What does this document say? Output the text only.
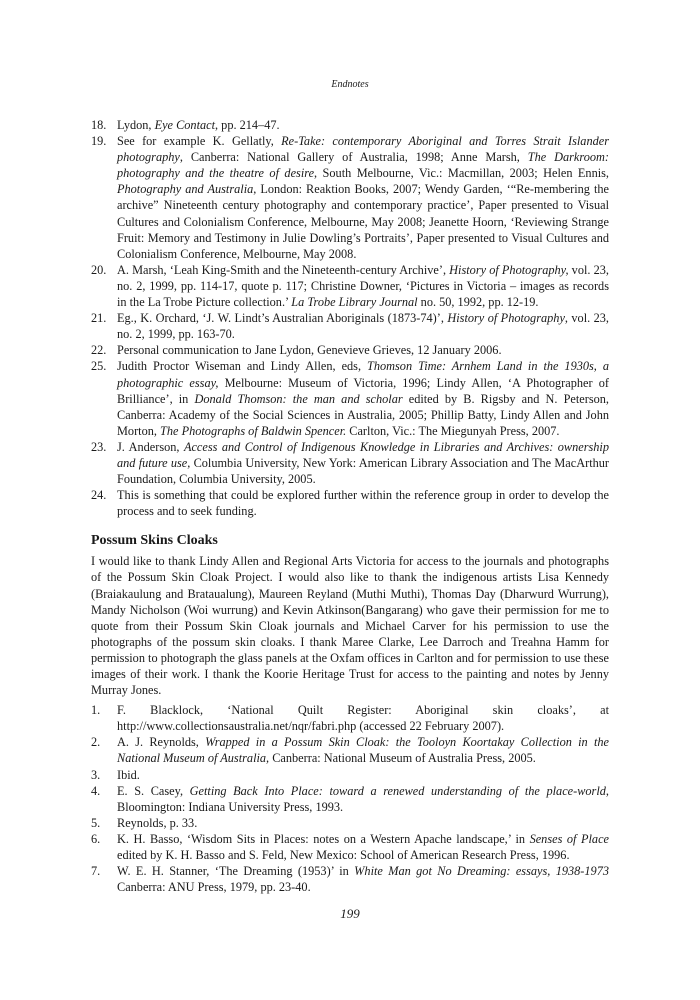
Endnotes
18. Lydon, Eye Contact, pp. 214–47.
19. See for example K. Gellatly, Re-Take: contemporary Aboriginal and Torres Strait Islander photography, Canberra: National Gallery of Australia, 1998; Anne Marsh, The Darkroom: photography and the theatre of desire, South Melbourne, Vic.: Macmillan, 2003; Helen Ennis, Photography and Australia, London: Reaktion Books, 2007; Wendy Garden, ‘“Re-membering the archive” Nineteenth century photography and contemporary practice’, Paper presented to Visual Cultures and Colonialism Conference, Melbourne, May 2008; Jeanette Hoorn, ‘Reviewing Strange Fruit: Memory and Testimony in Julie Dowling’s Portraits’, Paper presented to Visual Cultures and Colonialism Conference, Melbourne, May 2008.
20. A. Marsh, ‘Leah King-Smith and the Nineteenth-century Archive’, History of Photography, vol. 23, no. 2, 1999, pp. 114-17, quote p. 117; Christine Downer, ‘Pictures in Victoria – images as records in the La Trobe Picture collection.’ La Trobe Library Journal no. 50, 1992, pp. 12-19.
21. Eg., K. Orchard, ‘J. W. Lindt’s Australian Aboriginals (1873-74)’, History of Photography, vol. 23, no. 2, 1999, pp. 163-70.
22. Personal communication to Jane Lydon, Genevieve Grieves, 12 January 2006.
25. Judith Proctor Wiseman and Lindy Allen, eds, Thomson Time: Arnhem Land in the 1930s, a photographic essay, Melbourne: Museum of Victoria, 1996; Lindy Allen, ‘A Photographer of Brilliance’, in Donald Thomson: the man and scholar edited by B. Rigsby and N. Peterson, Canberra: Academy of the Social Sciences in Australia, 2005; Phillip Batty, Lindy Allen and John Morton, The Photographs of Baldwin Spencer. Carlton, Vic.: The Miegunyah Press, 2007.
23. J. Anderson, Access and Control of Indigenous Knowledge in Libraries and Archives: ownership and future use, Columbia University, New York: American Library Association and The MacArthur Foundation, Columbia University, 2005.
24. This is something that could be explored further within the reference group in order to develop the process and to seek funding.
Possum Skins Cloaks
I would like to thank Lindy Allen and Regional Arts Victoria for access to the journals and photographs of the Possum Skin Cloak Project. I would also like to thank the indigenous artists Lisa Kennedy (Braiakaulung and Brataualung), Maureen Reyland (Muthi Muthi), Thomas Day (Dharwurd Wurrung), Mandy Nicholson (Woi wurrung) and Kevin Atkinson(Bangarang) who gave their permission for me to quote from their Possum Skin Cloak journals and Michael Carver for his permission to use the photographs of the possum skin cloaks. I thank Maree Clarke, Lee Darroch and Treahna Hamm for permission to photograph the glass panels at the Oxfam offices in Carlton and for permission to use these images of their work. I thank the Koorie Heritage Trust for access to the painting and notes by Jenny Murray Jones.
1.	F. Blacklock, ‘National Quilt Register: Aboriginal skin cloaks’, at http://www.collectionsaustralia.net/nqr/fabri.php (accessed 22 February 2007).
2.	A. J. Reynolds, Wrapped in a Possum Skin Cloak: the Tooloyn Koortakay Collection in the National Museum of Australia, Canberra: National Museum of Australia Press, 2005.
3.	Ibid.
4.	E. S. Casey, Getting Back Into Place: toward a renewed understanding of the place-world, Bloomington: Indiana University Press, 1993.
5.	Reynolds, p. 33.
6.	K. H. Basso, ‘Wisdom Sits in Places: notes on a Western Apache landscape,’ in Senses of Place edited by K. H. Basso and S. Feld, New Mexico: School of American Research Press, 1996.
7.	W. E. H. Stanner, ‘The Dreaming (1953)’ in White Man got No Dreaming: essays, 1938-1973 Canberra: ANU Press, 1979, pp. 23-40.
199
